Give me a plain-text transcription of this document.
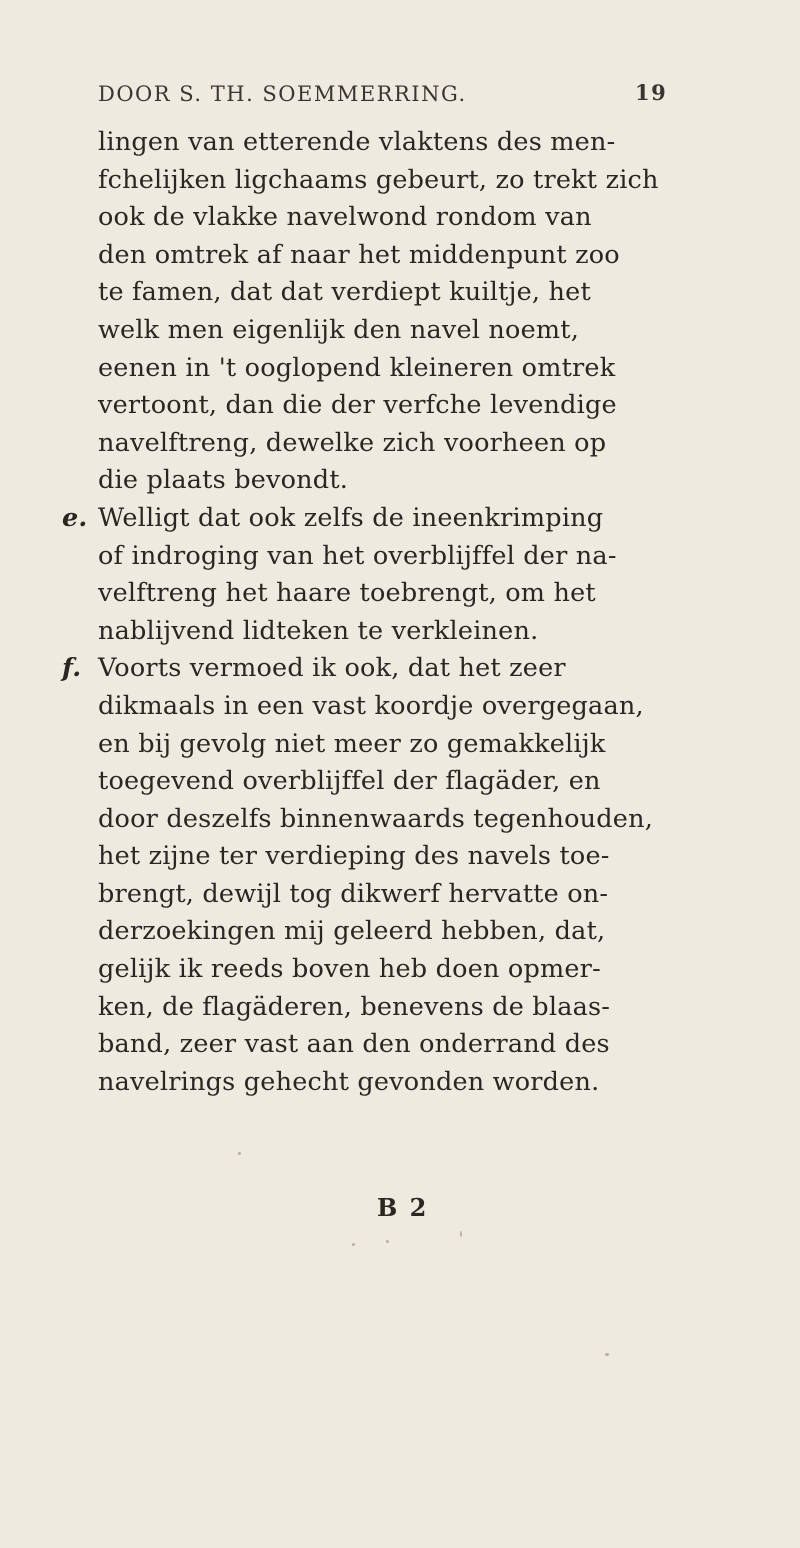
DOOR S. TH. SOEMMERRING.	19
lingen van etterende vlaktens des men-
fchelijken ligchaams gebeurt, zo trekt zich
ook de vlakke navelwond rondom van
den omtrek af naar het middenpunt zoo
te famen, dat dat verdiept kuiltje, het
welk men eigenlijk den navel noemt,
eenen in 't ooglopend kleineren omtrek
vertoont, dan die der verfche levendige
navelftreng, dewelke zich voorheen op
die plaats bevondt.
e. Welligt dat ook zelfs de ineenkrimping
of indroging van het overblijffel der na-
velftreng het haare toebrengt, om het
nablijvend lidteken te verkleinen.
f. Voorts vermoed ik ook, dat het zeer
dikmaals in een vast koordje overgegaan,
en bij gevolg niet meer zo gemakkelijk
toegevend overblijffel der flagäder, en
door deszelfs binnenwaards tegenhouden,
het zijne ter verdieping des navels toe-
brengt, dewijl tog dikwerf hervatte on-
derzoekingen mij geleerd hebben, dat,
gelijk ik reeds boven heb doen opmer-
ken, de flagäderen, benevens de blaas-
band, zeer vast aan den onderrand des
navelrings gehecht gevonden worden.
B 2
